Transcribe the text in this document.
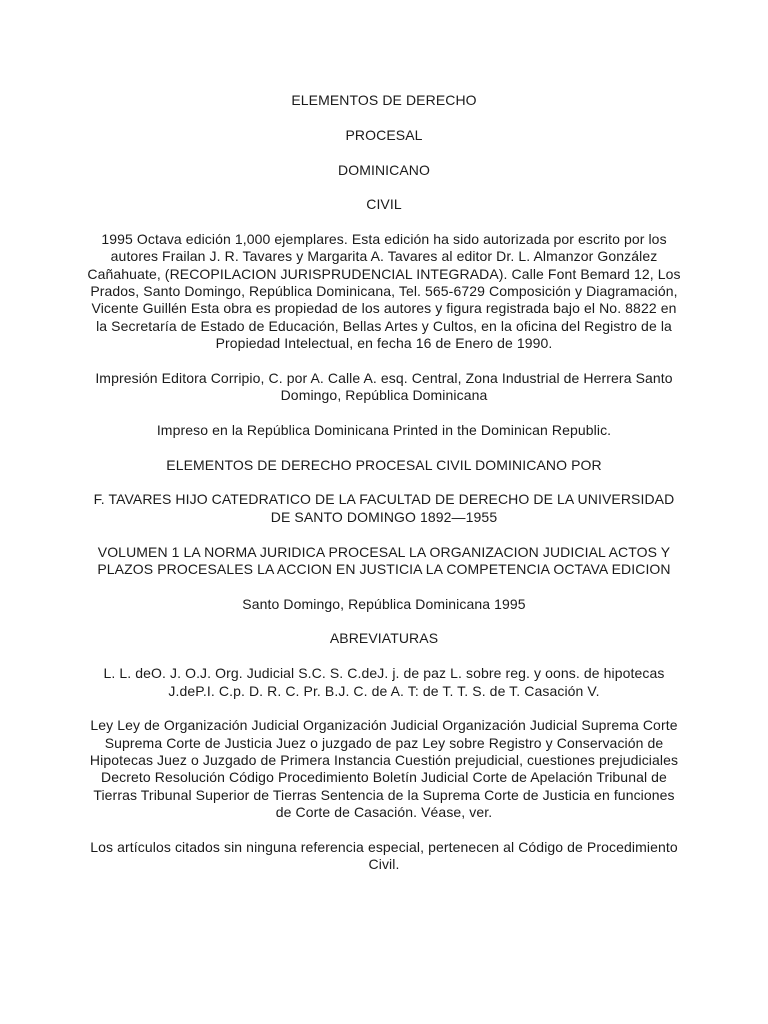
ELEMENTOS DE DERECHO

PROCESAL

DOMINICANO

CIVIL

1995 Octava edición 1,000 ejemplares. Esta edición ha sido autorizada por escrito por los autores Frailan J. R. Tavares y Margarita A. Tavares al editor Dr. L. Almanzor González Cañahuate, (RECOPILACION JURISPRUDENCIAL INTEGRADA). Calle Font Bemard 12, Los Prados, Santo Domingo, República Dominicana, Tel. 565-6729 Composición y Diagramación, Vicente Guillén Esta obra es propiedad de los autores y figura registrada bajo el No. 8822 en la Secretaría de Estado de Educación, Bellas Artes y Cultos, en la oficina del Registro de la Propiedad Intelectual, en fecha 16 de Enero de 1990.

Impresión Editora Corripio, C. por A. Calle A. esq. Central, Zona Industrial de Herrera Santo Domingo, República Dominicana

Impreso en la República Dominicana Printed in the Dominican Republic.

ELEMENTOS DE DERECHO PROCESAL CIVIL DOMINICANO POR

F. TAVARES HIJO CATEDRATICO DE LA FACULTAD DE DERECHO DE LA UNIVERSIDAD DE SANTO DOMINGO 1892—1955

VOLUMEN 1 LA NORMA JURIDICA PROCESAL LA ORGANIZACION JUDICIAL ACTOS Y PLAZOS PROCESALES LA ACCION EN JUSTICIA LA COMPETENCIA OCTAVA EDICION

Santo Domingo, República Dominicana 1995

ABREVIATURAS

L. L. deO. J. O.J. Org. Judicial S.C. S. C.deJ. j. de paz L. sobre reg. y oons. de hipotecas J.deP.I. C.p. D. R. C. Pr. B.J. C. de A. T: de T. T. S. de T. Casación V.

Ley Ley de Organización Judicial Organización Judicial Organización Judicial Suprema Corte Suprema Corte de Justicia Juez o juzgado de paz Ley sobre Registro y Conservación de Hipotecas Juez o Juzgado de Primera Instancia Cuestión prejudicial, cuestiones prejudiciales Decreto Resolución Código Procedimiento Boletín Judicial Corte de Apelación Tribunal de Tierras Tribunal Superior de Tierras Sentencia de la Suprema Corte de Justicia en funciones de Corte de Casación. Véase, ver.

Los artículos citados sin ninguna referencia especial, pertenecen al Código de Procedimiento Civil.
